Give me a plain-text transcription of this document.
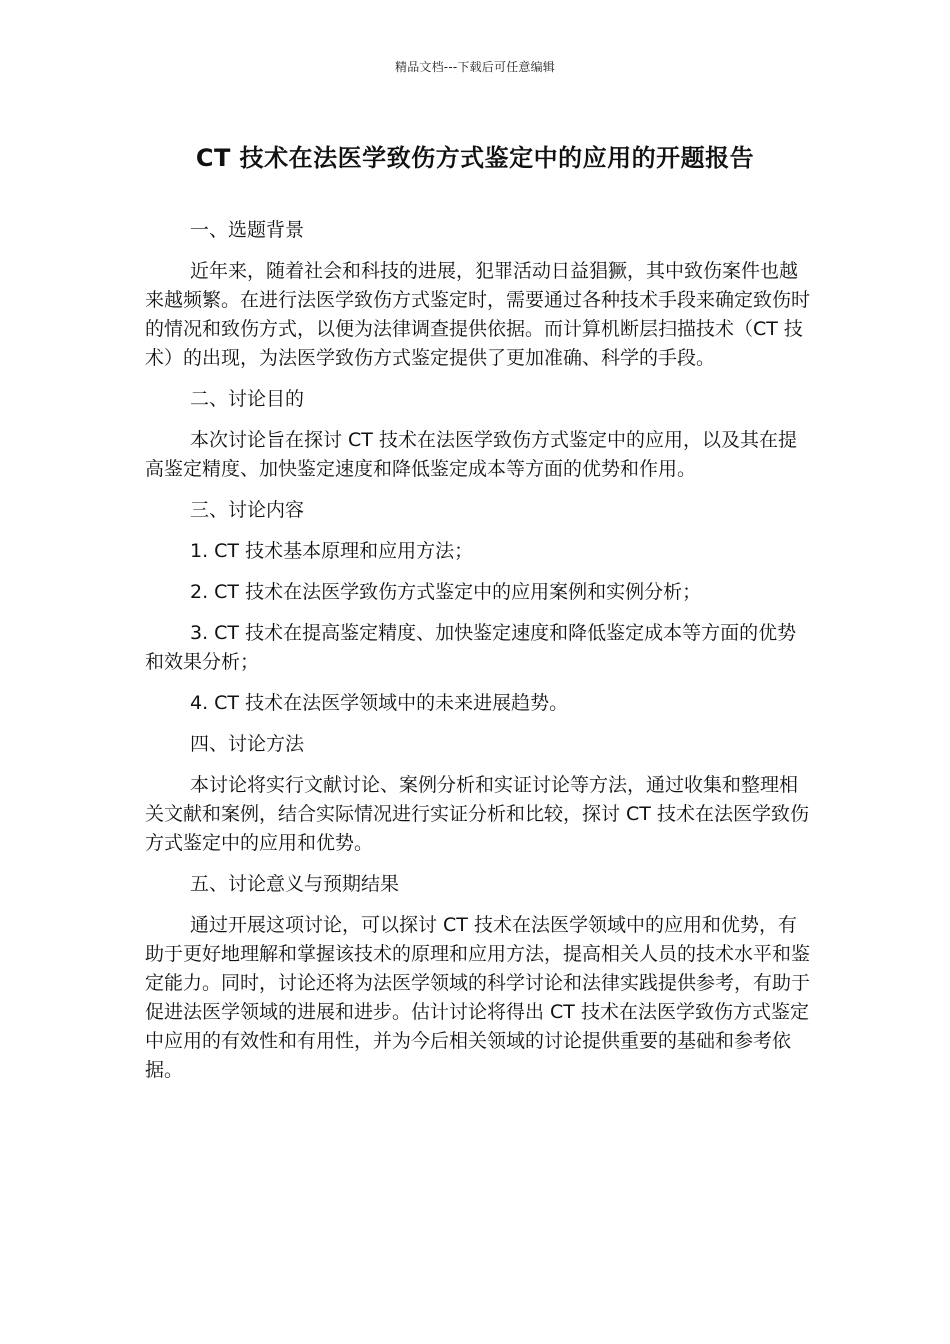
精品文档---下载后可任意编辑
CT 技术在法医学致伤方式鉴定中的应用的开题报告

一、选题背景

近年来，随着社会和科技的进展，犯罪活动日益猖獗，其中致伤案件也越来越频繁。在进行法医学致伤方式鉴定时，需要通过各种技术手段来确定致伤时的情况和致伤方式，以便为法律调查提供依据。而计算机断层扫描技术（CT 技术）的出现，为法医学致伤方式鉴定提供了更加准确、科学的手段。

二、讨论目的

本次讨论旨在探讨 CT 技术在法医学致伤方式鉴定中的应用，以及其在提高鉴定精度、加快鉴定速度和降低鉴定成本等方面的优势和作用。

三、讨论内容

1. CT 技术基本原理和应用方法；

2. CT 技术在法医学致伤方式鉴定中的应用案例和实例分析；

3. CT 技术在提高鉴定精度、加快鉴定速度和降低鉴定成本等方面的优势和效果分析；

4. CT 技术在法医学领域中的未来进展趋势。

四、讨论方法

本讨论将实行文献讨论、案例分析和实证讨论等方法，通过收集和整理相关文献和案例，结合实际情况进行实证分析和比较，探讨 CT 技术在法医学致伤方式鉴定中的应用和优势。

五、讨论意义与预期结果

通过开展这项讨论，可以探讨 CT 技术在法医学领域中的应用和优势，有助于更好地理解和掌握该技术的原理和应用方法，提高相关人员的技术水平和鉴定能力。同时，讨论还将为法医学领域的科学讨论和法律实践提供参考，有助于促进法医学领域的进展和进步。估计讨论将得出 CT 技术在法医学致伤方式鉴定中应用的有效性和有用性，并为今后相关领域的讨论提供重要的基础和参考依据。
